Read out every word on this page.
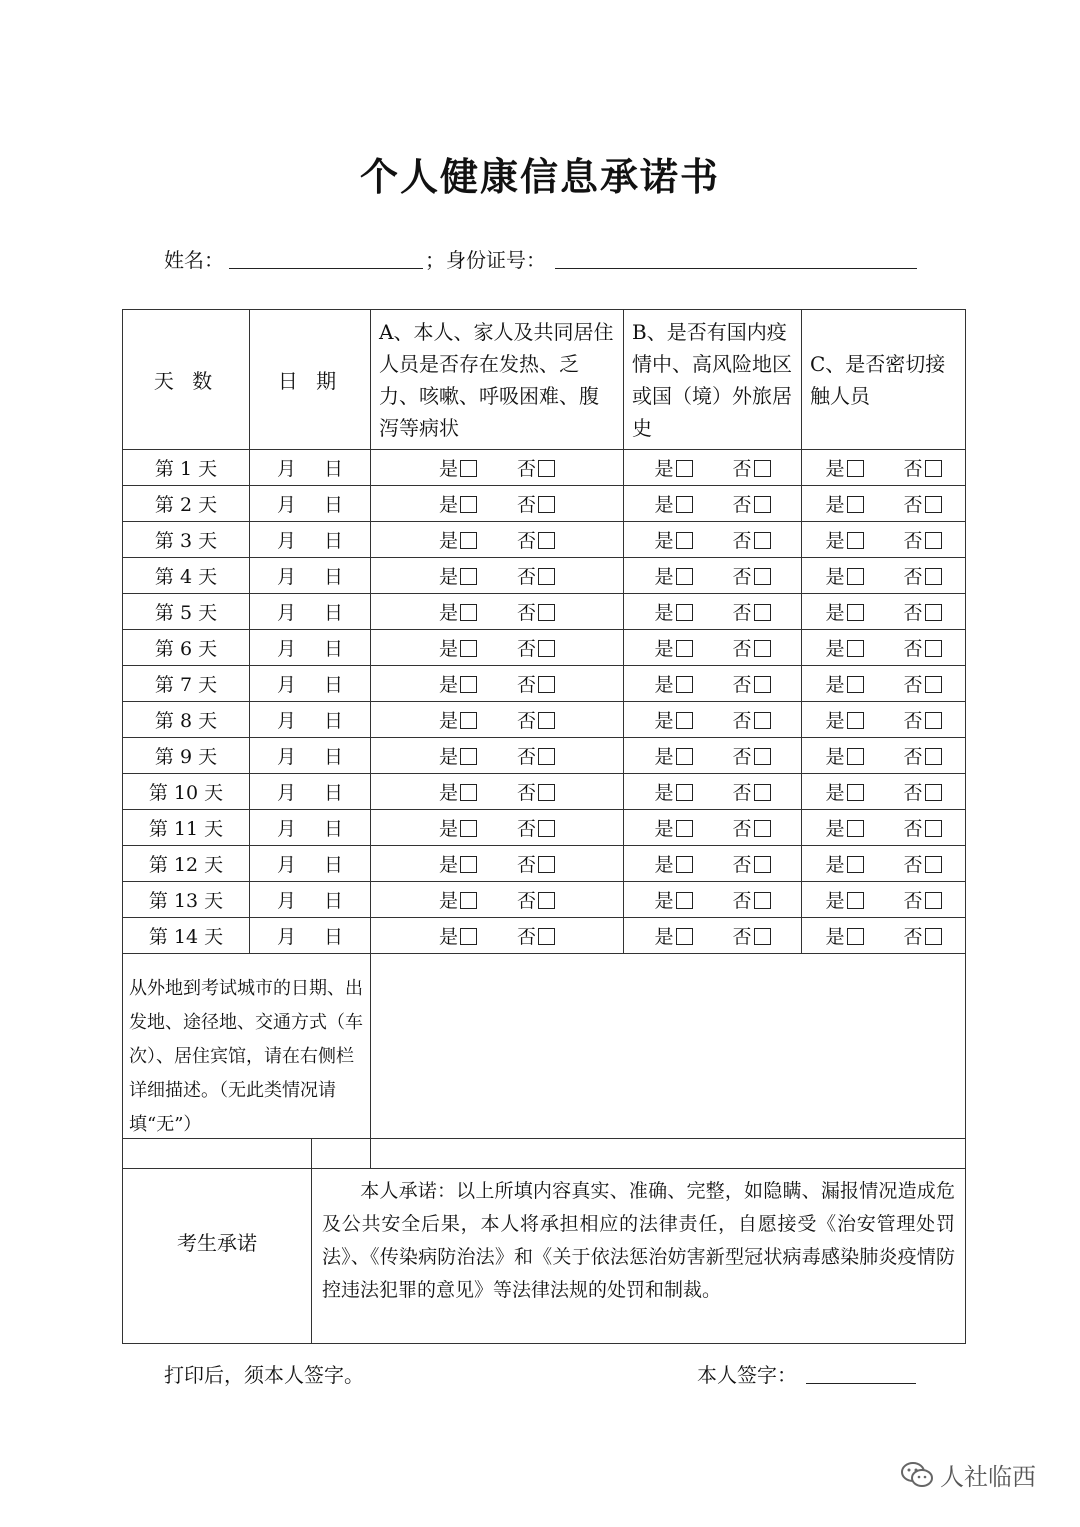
个人健康信息承诺书
姓名：	； 身份证号：
天 数	日 期	A、本人、家人及共同居住人员是否存在发热、乏力、咳嗽、呼吸困难、腹泻等病状	B、是否有国内疫情中、高风险地区或国（境）外旅居史	C、是否密切接触人员
第 1 天	月 日	是 否	是 否	是 否
第 2 天	月 日	是 否	是 否	是 否
第 3 天	月 日	是 否	是 否	是 否
第 4 天	月 日	是 否	是 否	是 否
第 5 天	月 日	是 否	是 否	是 否
第 6 天	月 日	是 否	是 否	是 否
第 7 天	月 日	是 否	是 否	是 否
第 8 天	月 日	是 否	是 否	是 否
第 9 天	月 日	是 否	是 否	是 否
第 10 天	月 日	是 否	是 否	是 否
第 11 天	月 日	是 否	是 否	是 否
第 12 天	月 日	是 否	是 否	是 否
第 13 天	月 日	是 否	是 否	是 否
第 14 天	月 日	是 否	是 否	是 否
从外地到考试城市的日期、出发地、途径地、交通方式（车次）、居住宾馆，请在右侧栏详细描述。（无此类情况请填“无”）				
考生承诺	本人承诺：以上所填内容真实、准确、完整，如隐瞒、漏报情况造成危及公共安全后果，本人将承担相应的法律责任，自愿接受《治安管理处罚法》、《传染病防治法》和《关于依法惩治妨害新型冠状病毒感染肺炎疫情防控违法犯罪的意见》等法律法规的处罚和制裁。
打印后，须本人签字。	本人签字：
人社临西
